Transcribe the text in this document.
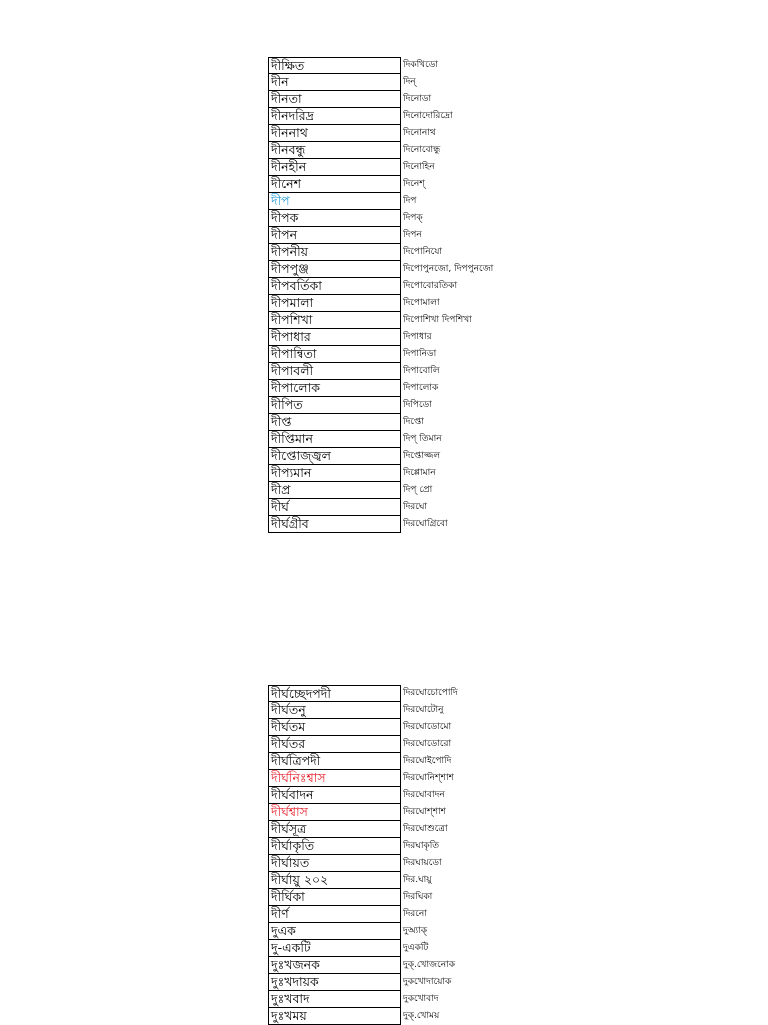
দীক্ষিত	দিকখিডো
দীন	দিন্
দীনতা	দিনোডা
দীনদরিদ্র	দিনোদোরিদ্রো
দীননাথ	দিনোনাথ
দীনবন্ধু	দিনোবোন্ধু
দীনহীন	দিনোহিন
দীনেশ	দিনেশ্
দীপ	দিপ
দীপক	দিপক্
দীপন	দিপন
দীপনীয়	দিপোনিযো
দীপপুঞ্জ	দিপোপুনজো, দিপপুনজো
দীপবর্তিকা	দিপোবোরতিকা
দীপমালা	দিপোমালা
দীপশিখা	দিপোশিখা দিপশিখা
দীপাধার	দিপাধার
দীপান্বিতা	দিপানিডা
দীপাবলী	দিপাবোলি
দীপালোক	দিপালোক
দীপিত	দিপিডো
দীপ্ত	দিপ্তো
দীপ্তিমান	দিপ্ তিমান
দীপ্তোজ্জ্বল	দিপ্তোজ্জল
দীপ্যমান	দিপ্পোমান
দীপ্র	দিপ্ প্রো
দীর্ঘ	দিরঘো
দীর্ঘগ্রীব	দিরঘোগ্রিবো
দীর্ঘচ্ছেদপদী	দিরঘোচোপোদি
দীর্ঘতনু	দিরঘোটোনু
দীর্ঘতম	দিরঘোডোমো
দীর্ঘতর	দিরঘোডোরো
দীর্ঘত্রিপদী	দিরঘোইপোদি
দীর্ঘনিঃশ্বাস	দিরঘোনিশ্শাশ
দীর্ঘবাদন	দিরঘোবাদন
দীর্ঘশ্বাস	দিরঘোশ্শাশ
দীর্ঘসূত্র	দিরঘোশুত্রো
দীর্ঘাকৃতি	দিরঘাকৃতি
দীর্ঘায়ত	দিরঘায়ডো
দীর্ঘায়ু ২০২	দির.ঘায়ু
দীর্ঘিকা	দিরঘিকা
দীর্ণ	দিরনো
দুএক	দুঅ্যাক্
দু-একটি	দুএকটি
দুঃখজনক	দুক্.খোজনোক
দুঃখদায়ক	দুকখোদায়োক
দুঃখবাদ	দুকখোবাদ
দুঃখময়	দুক্.খোময়
